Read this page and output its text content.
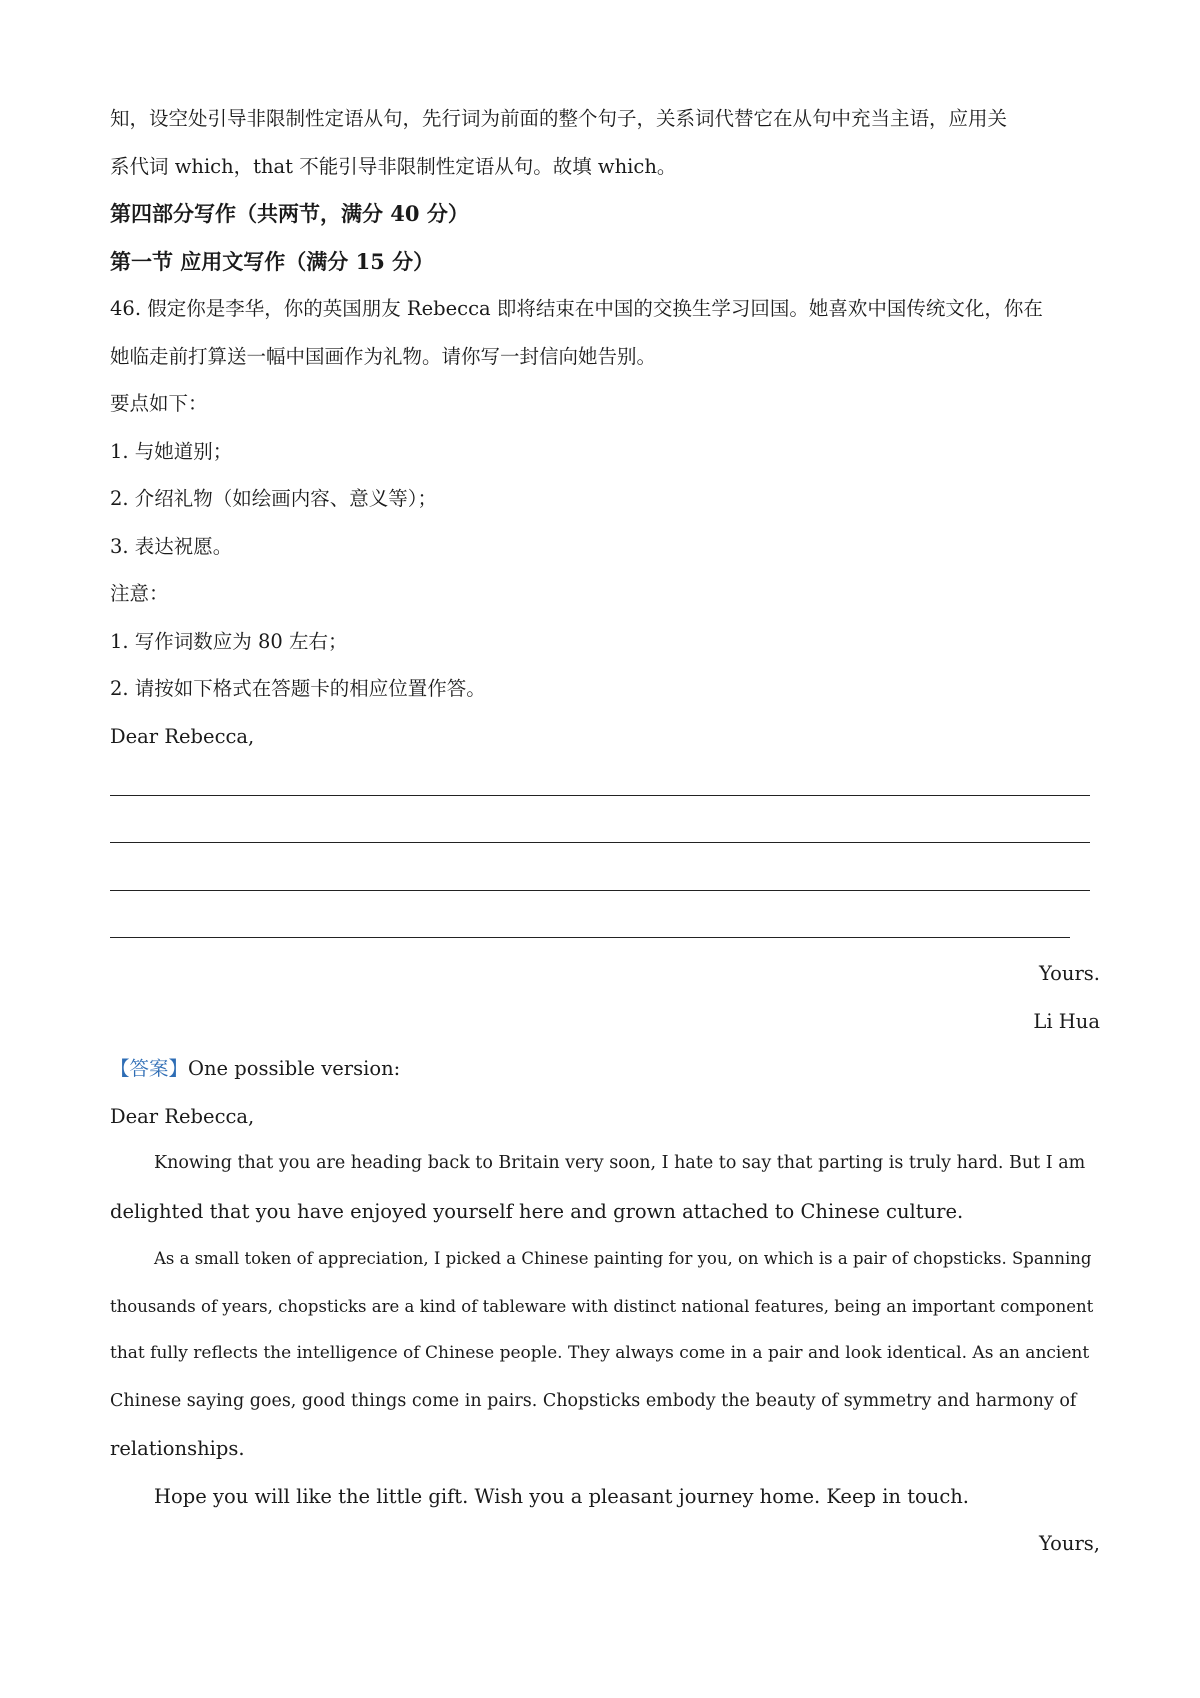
知，设空处引导非限制性定语从句，先行词为前面的整个句子，关系词代替它在从句中充当主语，应用关
系代词 which，that 不能引导非限制性定语从句。故填 which。
第四部分写作（共两节，满分 40 分）
第一节 应用文写作（满分 15 分）
46. 假定你是李华，你的英国朋友 Rebecca 即将结束在中国的交换生学习回国。她喜欢中国传统文化，你在
她临走前打算送一幅中国画作为礼物。请你写一封信向她告别。
要点如下：
1. 与她道别；
2. 介绍礼物（如绘画内容、意义等）；
3. 表达祝愿。
注意：
1. 写作词数应为 80 左右；
2. 请按如下格式在答题卡的相应位置作答。
Dear Rebecca,
Yours.
Li Hua
【答案】One possible version:
Dear Rebecca,
Knowing that you are heading back to Britain very soon, I hate to say that parting is truly hard. But I am
delighted that you have enjoyed yourself here and grown attached to Chinese culture.
As a small token of appreciation, I picked a Chinese painting for you, on which is a pair of chopsticks. Spanning
thousands of years, chopsticks are a kind of tableware with distinct national features, being an important component
that fully reflects the intelligence of Chinese people. They always come in a pair and look identical. As an ancient
Chinese saying goes, good things come in pairs. Chopsticks embody the beauty of symmetry and harmony of
relationships.
Hope you will like the little gift. Wish you a pleasant journey home. Keep in touch.
Yours,
